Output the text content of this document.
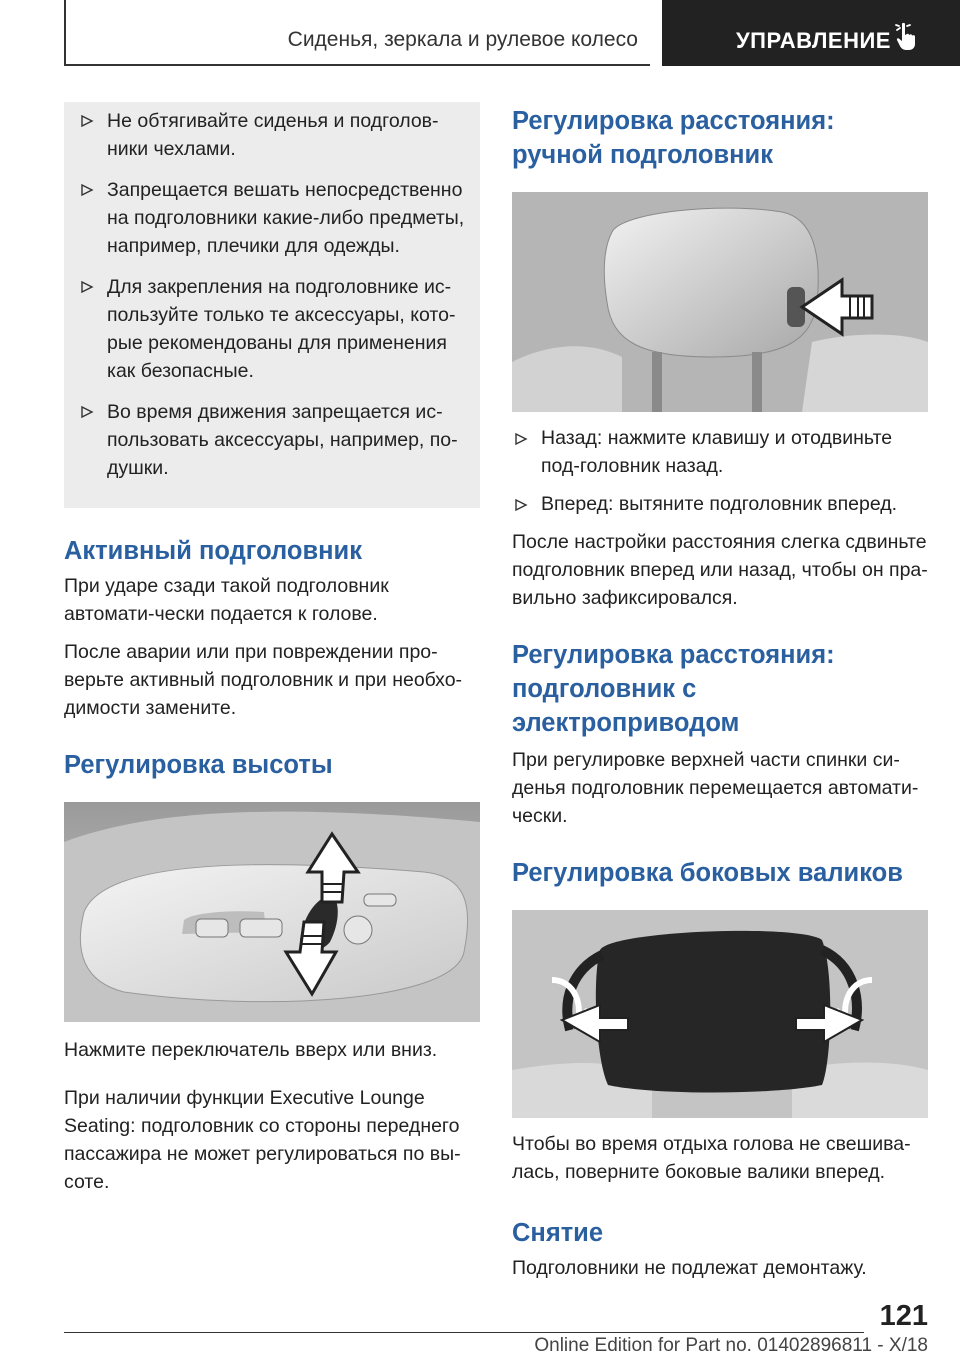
Сиденья, зеркала и рулевое колесо	УПРАВЛЕНИЕ
Не обтягивайте сиденья и подголов-ники чехлами.
Запрещается вешать непосредственно на подголовники какие-либо предметы, например, плечики для одежды.
Для закрепления на подголовнике ис-пользуйте только те аксессуары, кото-рые рекомендованы для применения как безопасные.
Во время движения запрещается ис-пользовать аксессуары, например, по-душки.
Активный подголовник
При ударе сзади такой подголовник автомати-чески подается к голове.
После аварии или при повреждении про-верьте активный подголовник и при необхо-димости замените.
Регулировка высоты
Нажмите переключатель вверх или вниз.
При наличии функции Executive Lounge Seating: подголовник со стороны переднего пассажира не может регулироваться по вы-соте.
Регулировка расстояния: ручной подголовник
Назад: нажмите клавишу и отодвиньте под-головник назад.
Вперед: вытяните подголовник вперед.
После настройки расстояния слегка сдвиньте подголовник вперед или назад, чтобы он пра-вильно зафиксировался.
Регулировка расстояния: подголовник с электроприводом
При регулировке верхней части спинки си-денья подголовник перемещается автомати-чески.
Регулировка боковых валиков
Чтобы во время отдыха голова не свешива-лась, поверните боковые валики вперед.
Снятие
Подголовники не подлежат демонтажу.
121
Online Edition for Part no. 01402896811 - X/18
